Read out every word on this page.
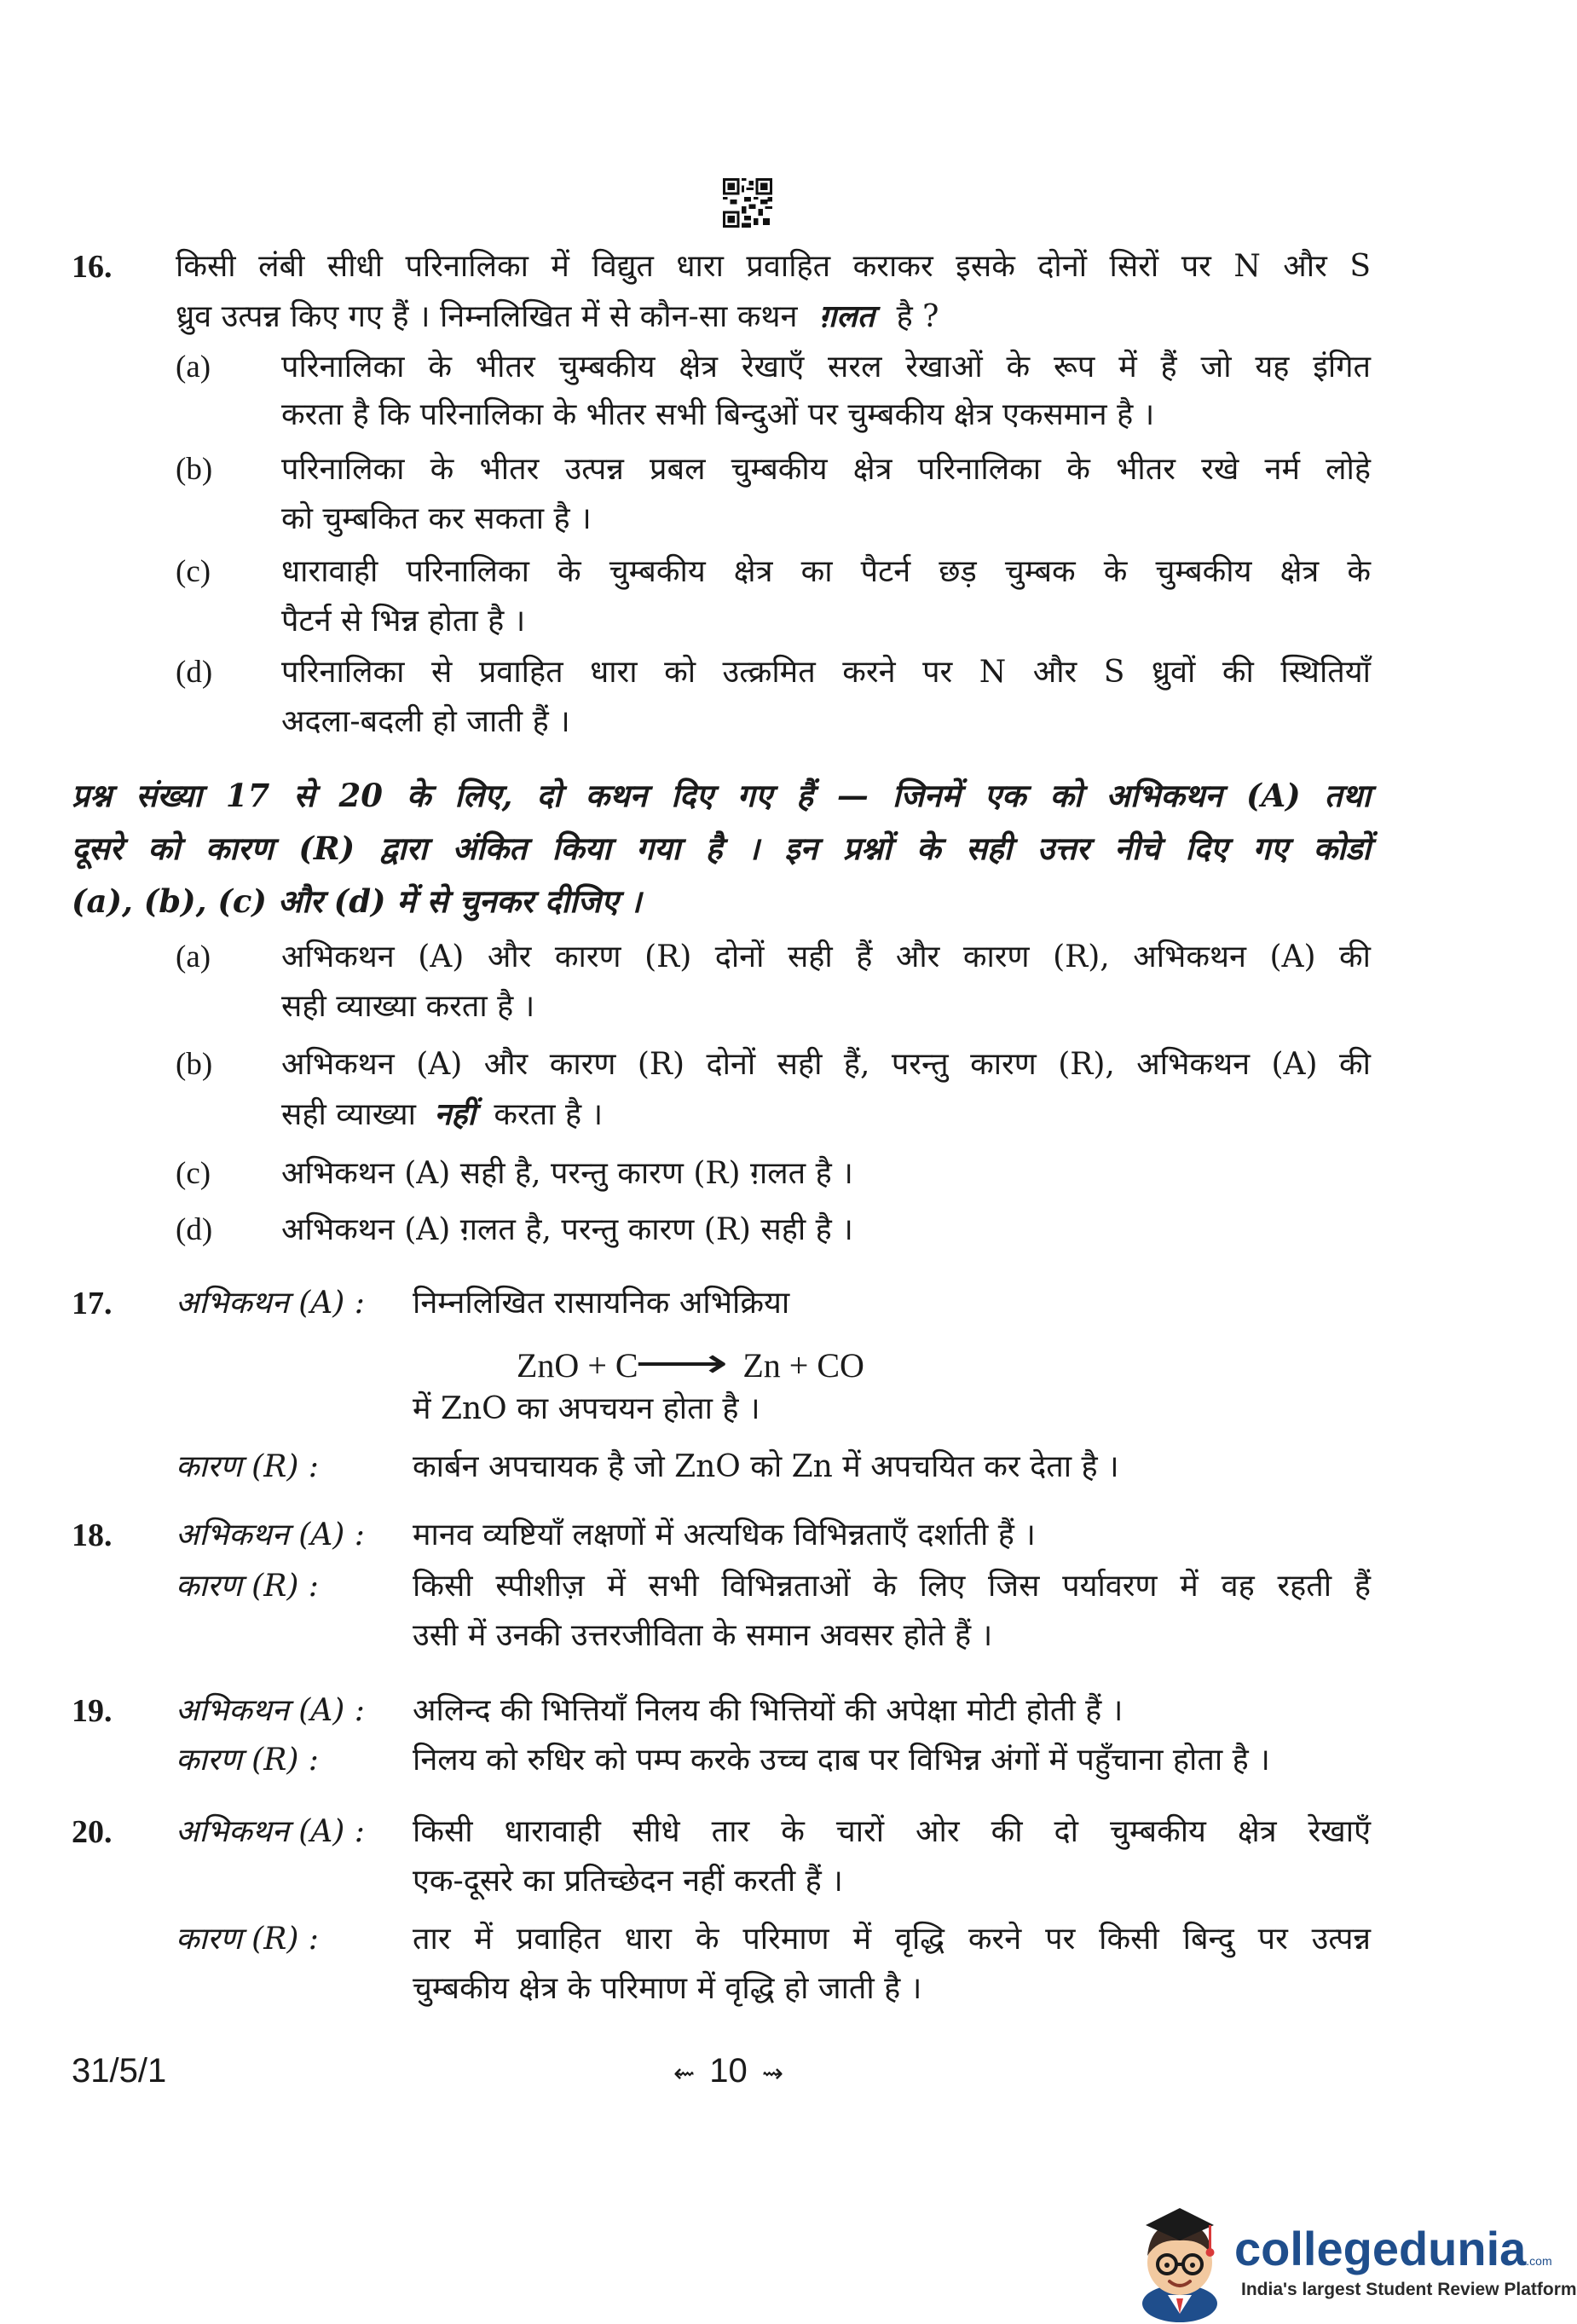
16. किसी लंबी सीधी परिनालिका में विद्युत धारा प्रवाहित कराकर इसके दोनों सिरों पर N और S
ध्रुव उत्पन्न किए गए हैं । निम्नलिखित में से कौन-सा कथन ग़लत है ?
(a) परिनालिका के भीतर चुम्बकीय क्षेत्र रेखाएँ सरल रेखाओं के रूप में हैं जो यह इंगित
करता है कि परिनालिका के भीतर सभी बिन्दुओं पर चुम्बकीय क्षेत्र एकसमान है ।
(b) परिनालिका के भीतर उत्पन्न प्रबल चुम्बकीय क्षेत्र परिनालिका के भीतर रखे नर्म लोहे
को चुम्बकित कर सकता है ।
(c) धारावाही परिनालिका के चुम्बकीय क्षेत्र का पैटर्न छड़ चुम्बक के चुम्बकीय क्षेत्र के
पैटर्न से भिन्न होता है ।
(d) परिनालिका से प्रवाहित धारा को उत्क्रमित करने पर N और S ध्रुवों की स्थितियाँ
अदला-बदली हो जाती हैं ।
प्रश्न संख्या 17 से 20 के लिए, दो कथन दिए गए हैं — जिनमें एक को अभिकथन (A) तथा
दूसरे को कारण (R) द्वारा अंकित किया गया है । इन प्रश्नों के सही उत्तर नीचे दिए गए कोडों
(a), (b), (c) और (d) में से चुनकर दीजिए ।
(a) अभिकथन (A) और कारण (R) दोनों सही हैं और कारण (R), अभिकथन (A) की
सही व्याख्या करता है ।
(b) अभिकथन (A) और कारण (R) दोनों सही हैं, परन्तु कारण (R), अभिकथन (A) की
सही व्याख्या नहीं करता है ।
(c) अभिकथन (A) सही है, परन्तु कारण (R) ग़लत है ।
(d) अभिकथन (A) ग़लत है, परन्तु कारण (R) सही है ।
17. अभिकथन (A) : निम्नलिखित रासायनिक अभिक्रिया
ZnO + C ⟶ Zn + CO
में ZnO का अपचयन होता है ।
कारण (R) :	कार्बन अपचायक है जो ZnO को Zn में अपचयित कर देता है ।
18. अभिकथन (A) : मानव व्यष्टियाँ लक्षणों में अत्यधिक विभिन्नताएँ दर्शाती हैं ।
कारण (R) :	किसी स्पीशीज़ में सभी विभिन्नताओं के लिए जिस पर्यावरण में वह रहती हैं
उसी में उनकी उत्तरजीविता के समान अवसर होते हैं ।
19. अभिकथन (A) : अलिन्द की भित्तियाँ निलय की भित्तियों की अपेक्षा मोटी होती हैं ।
कारण (R) :	निलय को रुधिर को पम्प करके उच्च दाब पर विभिन्न अंगों में पहुँचाना होता है ।
20. अभिकथन (A) : किसी धारावाही सीधे तार के चारों ओर की दो चुम्बकीय क्षेत्र रेखाएँ
एक-दूसरे का प्रतिच्छेदन नहीं करती हैं ।
कारण (R) :	तार में प्रवाहित धारा के परिमाण में वृद्धि करने पर किसी बिन्दु पर उत्पन्न
चुम्बकीय क्षेत्र के परिमाण में वृद्धि हो जाती है ।
31/5/1	⇜ 10 ⇝
collegedunia.com
India's largest Student Review Platform
